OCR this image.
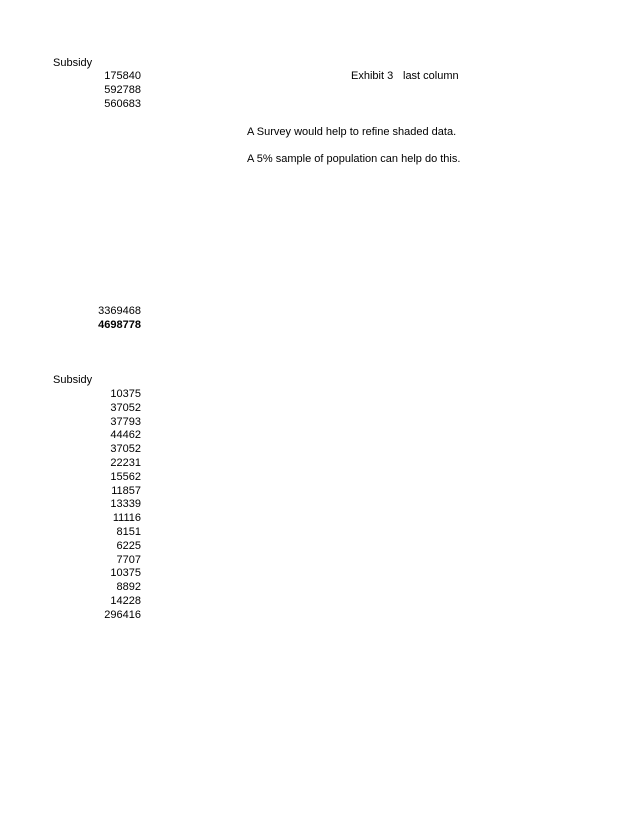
Subsidy
175840
592788
560683
Exhibit 3 last column
A Survey would help to refine shaded data.
A 5% sample of population can help do this.
3369468
4698778
Subsidy
10375
37052
37793
44462
37052
22231
15562
11857
13339
11116
8151
6225
7707
10375
8892
14228
296416
